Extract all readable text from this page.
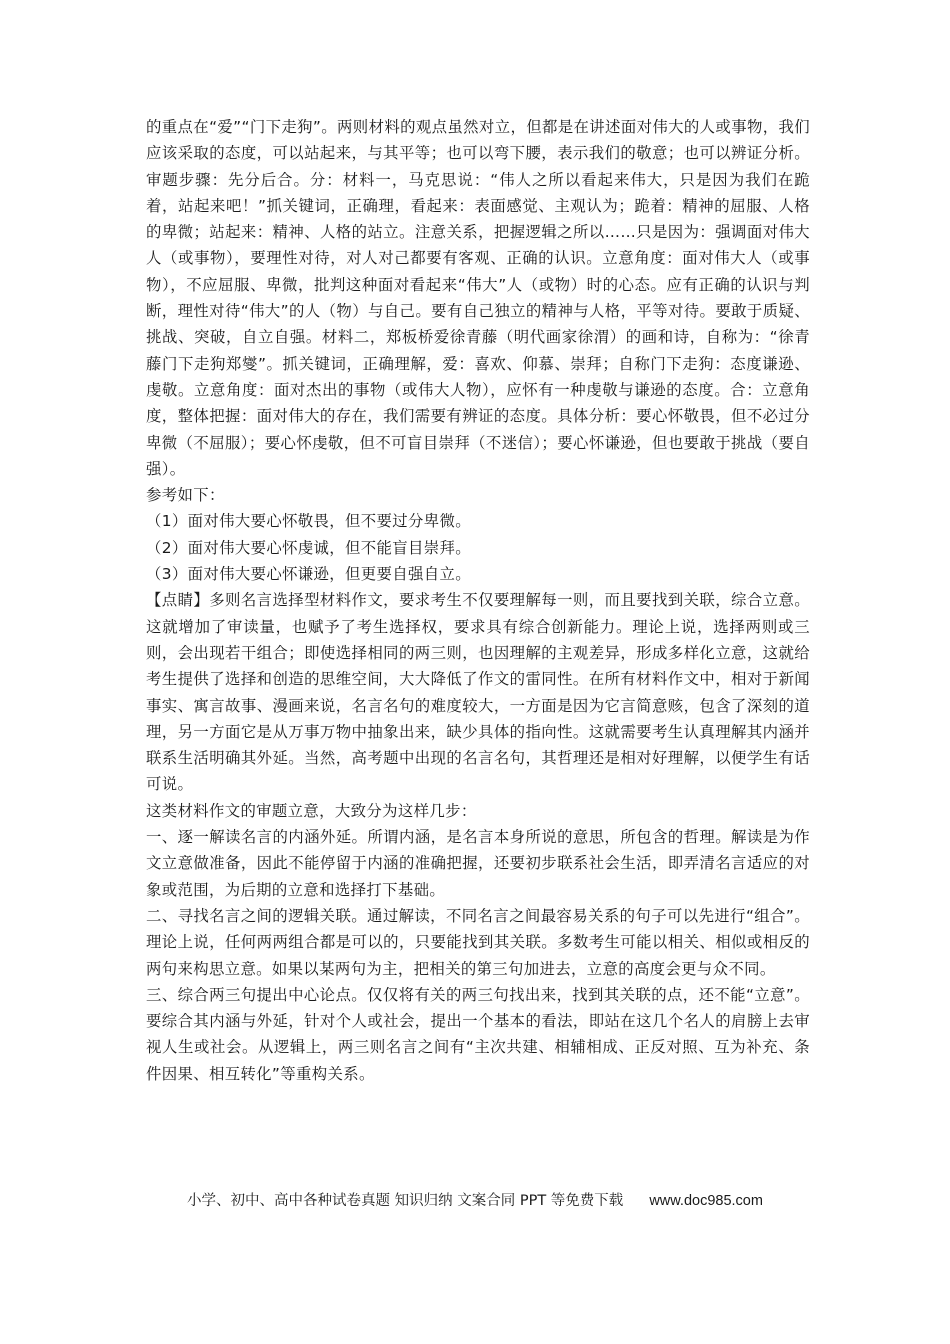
的重点在“爱”“门下走狗”。两则材料的观点虽然对立，但都是在讲述面对伟大的人或事物，我们应该采取的态度，可以站起来，与其平等；也可以弯下腰，表示我们的敬意；也可以辨证分析。审题步骤：先分后合。分：材料一，马克思说：“伟人之所以看起来伟大，只是因为我们在跪着，站起来吧！”抓关键词，正确理，看起来：表面感觉、主观认为；跪着：精神的屈服、人格的卑微；站起来：精神、人格的站立。注意关系，把握逻辑之所以……只是因为：强调面对伟大人（或事物），要理性对待，对人对己都要有客观、正确的认识。立意角度：面对伟大人（或事物），不应屈服、卑微，批判这种面对看起来“伟大”人（或物）时的心态。应有正确的认识与判断，理性对待“伟大”的人（物）与自己。要有自己独立的精神与人格，平等对待。要敢于质疑、挑战、突破，自立自强。材料二，郑板桥爱徐青藤（明代画家徐渭）的画和诗，自称为：“徐青藤门下走狗郑燮”。抓关键词，正确理解，爱：喜欢、仰慕、崇拜；自称门下走狗：态度谦逊、虔敬。立意角度：面对杰出的事物（或伟大人物），应怀有一种虔敬与谦逊的态度。合：立意角度，整体把握：面对伟大的存在，我们需要有辨证的态度。具体分析：要心怀敬畏，但不必过分卑微（不屈服）；要心怀虔敬，但不可盲目崇拜（不迷信）；要心怀谦逊，但也要敢于挑战（要自强）。

参考如下：

（1）面对伟大要心怀敬畏，但不要过分卑微。

（2）面对伟大要心怀虔诚，但不能盲目崇拜。

（3）面对伟大要心怀谦逊，但更要自强自立。

【点睛】多则名言选择型材料作文，要求考生不仅要理解每一则，而且要找到关联，综合立意。这就增加了审读量，也赋予了考生选择权，要求具有综合创新能力。理论上说，选择两则或三则，会出现若干组合；即使选择相同的两三则，也因理解的主观差异，形成多样化立意，这就给考生提供了选择和创造的思维空间，大大降低了作文的雷同性。在所有材料作文中，相对于新闻事实、寓言故事、漫画来说，名言名句的难度较大，一方面是因为它言简意赅，包含了深刻的道理，另一方面它是从万事万物中抽象出来，缺少具体的指向性。这就需要考生认真理解其内涵并联系生活明确其外延。当然，高考题中出现的名言名句，其哲理还是相对好理解，以便学生有话可说。

这类材料作文的审题立意，大致分为这样几步：

一、逐一解读名言的内涵外延。所谓内涵，是名言本身所说的意思，所包含的哲理。解读是为作文立意做准备，因此不能停留于内涵的准确把握，还要初步联系社会生活，即弄清名言适应的对象或范围，为后期的立意和选择打下基础。

二、寻找名言之间的逻辑关联。通过解读，不同名言之间最容易关系的句子可以先进行“组合”。理论上说，任何两两组合都是可以的，只要能找到其关联。多数考生可能以相关、相似或相反的两句来构思立意。如果以某两句为主，把相关的第三句加进去，立意的高度会更与众不同。

三、综合两三句提出中心论点。仅仅将有关的两三句找出来，找到其关联的点，还不能“立意”。要综合其内涵与外延，针对个人或社会，提出一个基本的看法，即站在这几个名人的肩膀上去审视人生或社会。从逻辑上，两三则名言之间有“主次共建、相辅相成、正反对照、互为补充、条件因果、相互转化”等重构关系。

小学、初中、高中各种试卷真题 知识归纳 文案合同 PPT 等免费下载 www.doc985.com
